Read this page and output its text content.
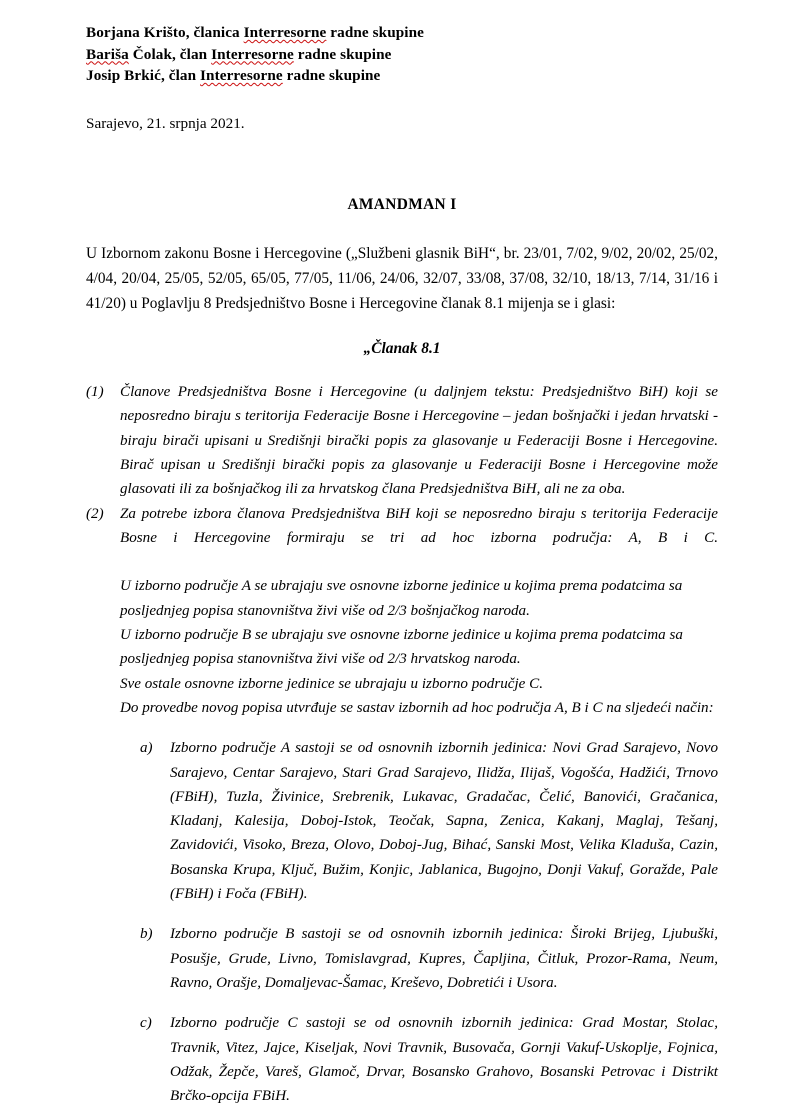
Borjana Krišto, članica Interresorne radne skupine
Bariša Čolak, član Interresorne radne skupine
Josip Brkić, član Interresorne radne skupine
Sarajevo, 21. srpnja 2021.
AMANDMAN I
U Izbornom zakonu Bosne i Hercegovine („Službeni glasnik BiH“, br. 23/01, 7/02, 9/02, 20/02, 25/02, 4/04, 20/04, 25/05, 52/05, 65/05, 77/05, 11/06, 24/06, 32/07, 33/08, 37/08, 32/10, 18/13, 7/14, 31/16 i 41/20) u Poglavlju 8 Predsjedništvo Bosne i Hercegovine članak 8.1 mijenja se i glasi:
„Članak 8.1
(1) Članove Predsjedništva Bosne i Hercegovine (u daljnjem tekstu: Predsjedništvo BiH) koji se neposredno biraju s teritorija Federacije Bosne i Hercegovine – jedan bošnjački i jedan hrvatski - biraju birači upisani u Središnji birački popis za glasovanje u Federaciji Bosne i Hercegovine. Birač upisan u Središnji birački popis za glasovanje u Federaciji Bosne i Hercegovine može glasovati ili za bošnjačkog ili za hrvatskog člana Predsjedništva BiH, ali ne za oba.
(2) Za potrebe izbora članova Predsjedništva BiH koji se neposredno biraju s teritorija Federacije Bosne i Hercegovine formiraju se tri ad hoc izborna područja: A, B i C.
U izborno područje A se ubrajaju sve osnovne izborne jedinice u kojima prema podatcima sa posljednjeg popisa stanovništva živi više od 2/3 bošnjačkog naroda.
U izborno područje B se ubrajaju sve osnovne izborne jedinice u kojima prema podatcima sa posljednjeg popisa stanovništva živi više od 2/3 hrvatskog naroda.
Sve ostale osnovne izborne jedinice se ubrajaju u izborno područje C.
Do provedbe novog popisa utvrđuje se sastav izbornih ad hoc područja A, B i C na sljedeći način:
a) Izborno područje A sastoji se od osnovnih izbornih jedinica: Novi Grad Sarajevo, Novo Sarajevo, Centar Sarajevo, Stari Grad Sarajevo, Ilidža, Ilijaš, Vogošća, Hadžići, Trnovo (FBiH), Tuzla, Živinice, Srebrenik, Lukavac, Gradačac, Čelić, Banovići, Gračanica, Kladanj, Kalesija, Doboj-Istok, Teočak, Sapna, Zenica, Kakanj, Maglaj, Tešanj, Zavidovići, Visoko, Breza, Olovo, Doboj-Jug, Bihać, Sanski Most, Velika Kladuša, Cazin, Bosanska Krupa, Ključ, Bužim, Konjic, Jablanica, Bugojno, Donji Vakuf, Goražde, Pale (FBiH) i Foča (FBiH).
b) Izborno područje B sastoji se od osnovnih izbornih jedinica: Široki Brijeg, Ljubuški, Posušje, Grude, Livno, Tomislavgrad, Kupres, Čapljina, Čitluk, Prozor-Rama, Neum, Ravno, Orašje, Domaljevac-Šamac, Kreševo, Dobretići i Usora.
c) Izborno područje C sastoji se od osnovnih izbornih jedinica: Grad Mostar, Stolac, Travnik, Vitez, Jajce, Kiseljak, Novi Travnik, Busovača, Gornji Vakuf-Uskoplje, Fojnica, Odžak, Žepče, Vareš, Glamoč, Drvar, Bosansko Grahovo, Bosanski Petrovac i Distrikt Brčko-opcija FBiH.
